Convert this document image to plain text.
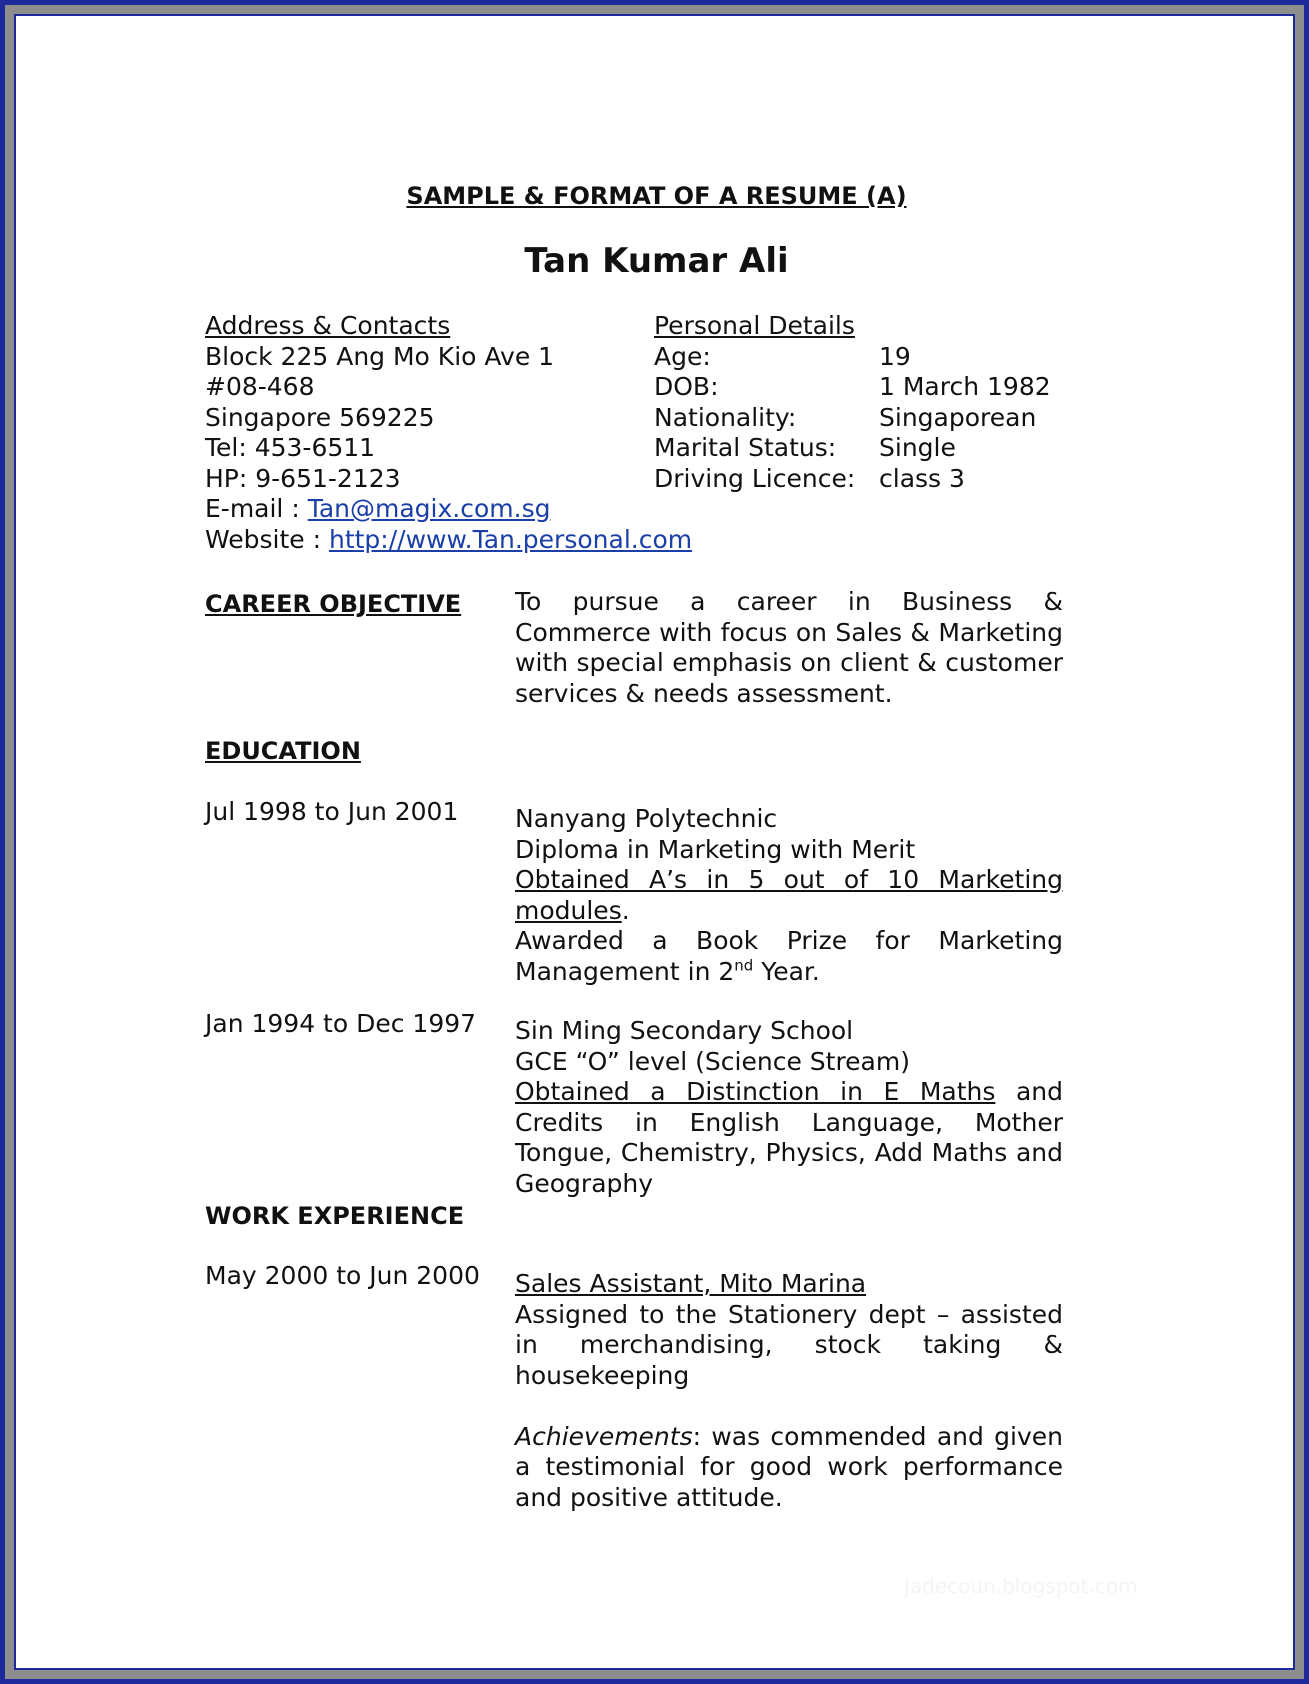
SAMPLE & FORMAT OF A RESUME (A)
Tan Kumar Ali
Address & Contacts
Block 225 Ang Mo Kio Ave 1
#08-468
Singapore 569225
Tel: 453-6511
HP: 9-651-2123
E-mail : Tan@magix.com.sg
Website : http://www.Tan.personal.com
Personal Details
Age:	19
DOB:	1 March 1982
Nationality:	Singaporean
Marital Status: Single
Driving Licence: class 3
CAREER OBJECTIVE To pursue a career in Business & Commerce with focus on Sales & Marketing with special emphasis on client & customer services & needs assessment.
EDUCATION
Jul 1998 to Jun 2001 Nanyang Polytechnic
Diploma in Marketing with Merit
Obtained A’s in 5 out of 10 Marketing modules.
Awarded a Book Prize for Marketing Management in 2nd Year.
Jan 1994 to Dec 1997 Sin Ming Secondary School
GCE “O” level (Science Stream)
Obtained a Distinction in E Maths and Credits in English Language, Mother Tongue, Chemistry, Physics, Add Maths and Geography
WORK EXPERIENCE
May 2000 to Jun 2000 Sales Assistant, Mito Marina
Assigned to the Stationery dept – assisted in merchandising, stock taking & housekeeping
Achievements: was commended and given a testimonial for good work performance and positive attitude.
Jadecoun.blogspot.com
